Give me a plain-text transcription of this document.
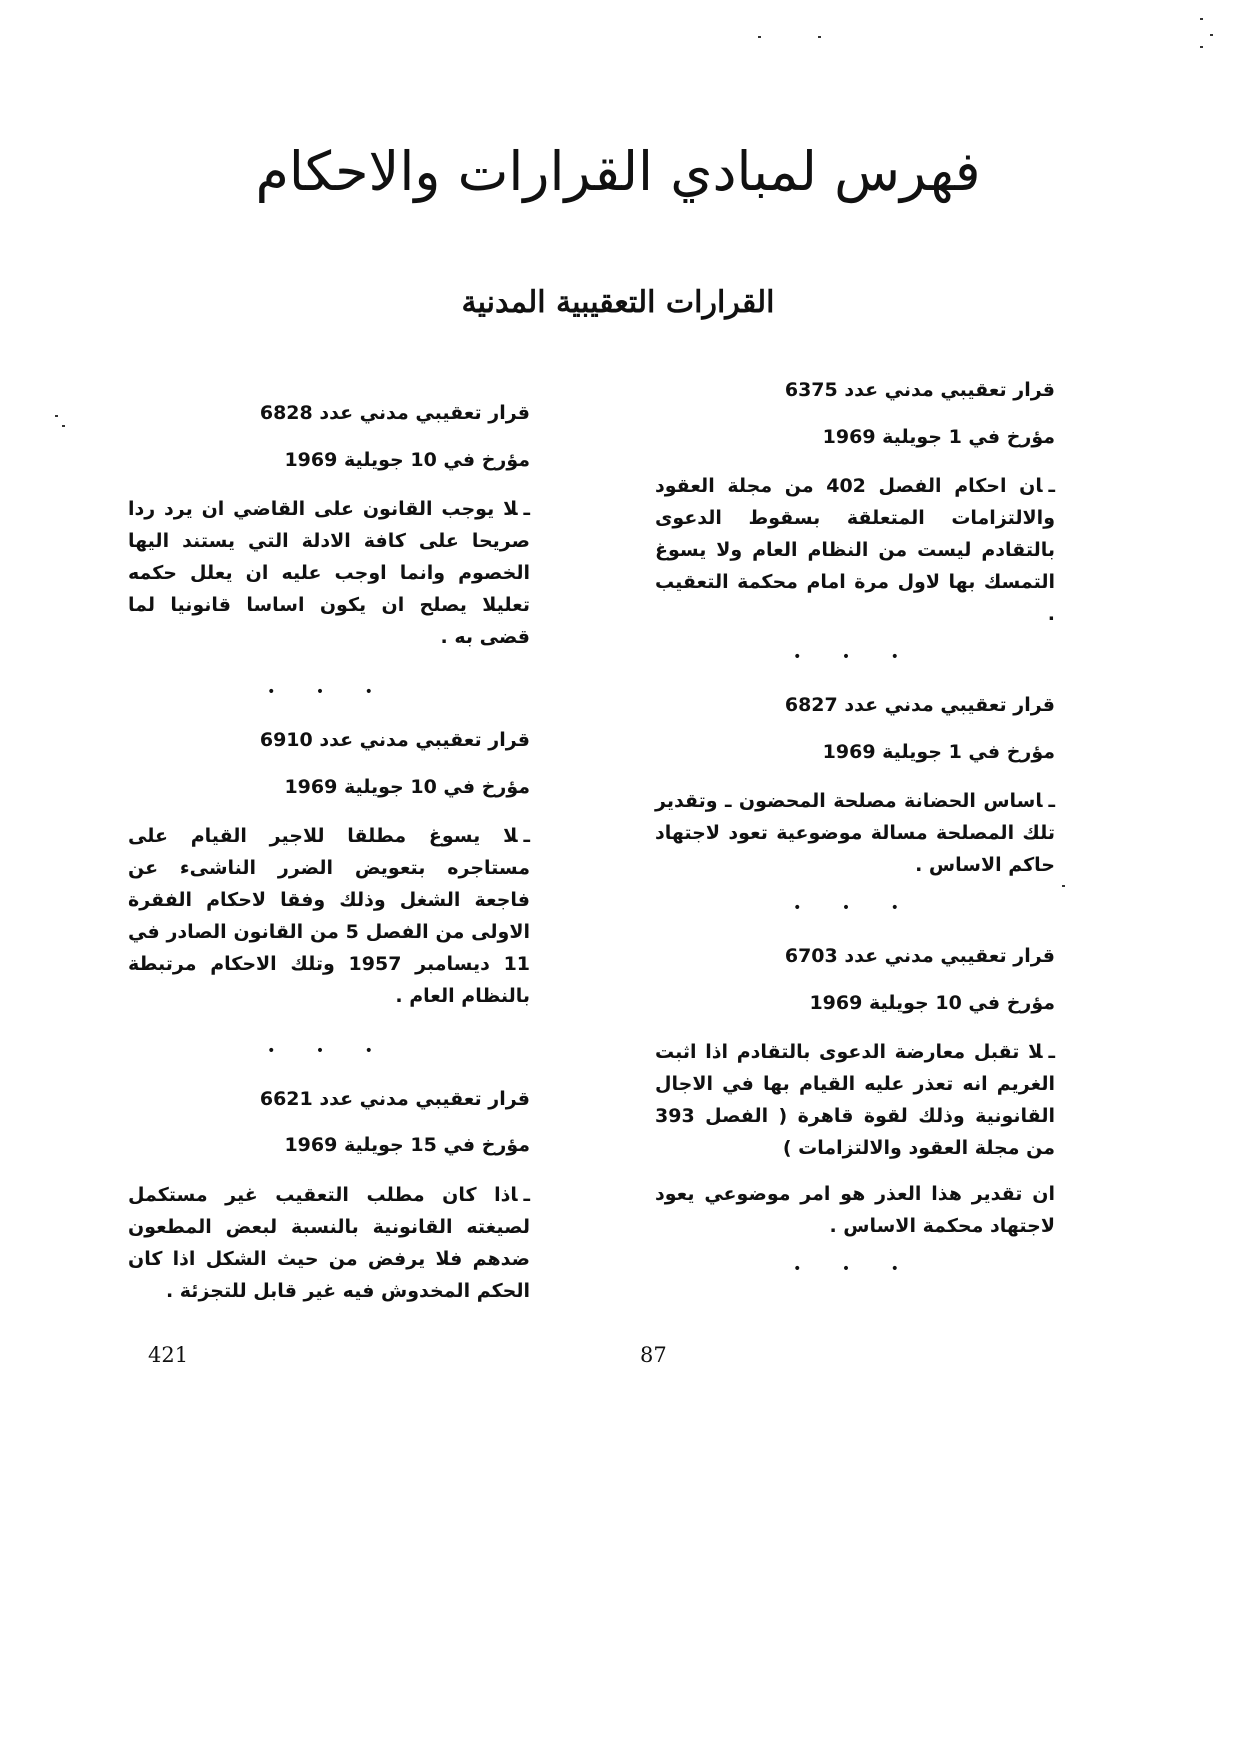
فهرس لمبادي القرارات والاحكام
القرارات التعقيبية المدنية

قرار تعقيبي مدني عدد 6375

مؤرخ في 1 جويلية 1969

ـان احكام الفصل 402 من مجلة العقود والالتزامات المتعلقة بسقوط الدعوى بالتقادم ليست من النظام العام ولا يسوغ التمسك بها لاول مرة امام محكمة التعقيب .

• • •

قرار تعقيبي مدني عدد 6827

مؤرخ في 1 جويلية 1969

ـاساس الحضانة مصلحة المحضون ـ وتقدير تلك المصلحة مسالة موضوعية تعود لاجتهاد حاكم الاساس .

• • •

قرار تعقيبي مدني عدد 6703

مؤرخ في 10 جويلية 1969

ـلا تقبل معارضة الدعوى بالتقادم اذا اثبت الغريم انه تعذر عليه القيام بها في الاجال القانونية وذلك لقوة قاهرة ( الفصل 393 من مجلة العقود والالتزامات )

ان تقدير هذا العذر هو امر موضوعي يعود لاجتهاد محكمة الاساس .

• • •

قرار تعقيبي مدني عدد 6828

مؤرخ في 10 جويلية 1969

ـلا يوجب القانون على القاضي ان يرد ردا صريحا على كافة الادلة التي يستند اليها الخصوم وانما اوجب عليه ان يعلل حكمه تعليلا يصلح ان يكون اساسا قانونيا لما قضى به .

• • •

قرار تعقيبي مدني عدد 6910

مؤرخ في 10 جويلية 1969

ـلا يسوغ مطلقا للاجير القيام على مستاجره بتعويض الضرر الناشىء عن فاجعة الشغل وذلك وفقا لاحكام الفقرة الاولى من الفصل 5 من القانون الصادر في 11 ديسامبر 1957 وتلك الاحكام مرتبطة بالنظام العام .

• • •

قرار تعقيبي مدني عدد 6621

مؤرخ في 15 جويلية 1969

ـاذا كان مطلب التعقيب غير مستكمل لصيغته القانونية بالنسبة لبعض المطعون ضدهم فلا يرفض من حيث الشكل اذا كان الحكم المخدوش فيه غير قابل للتجزئة .

421	87
